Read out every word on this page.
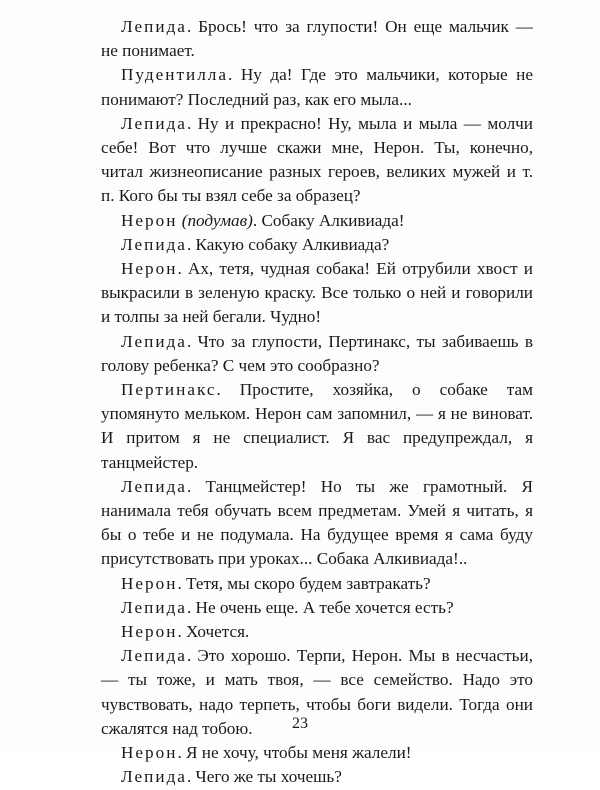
Лепида. Брось! что за глупости! Он еще мальчик — не понимает.

Пудентилла. Ну да! Где это мальчики, которые не понимают? Последний раз, как его мыла...

Лепида. Ну и прекрасно! Ну, мыла и мыла — молчи себе! Вот что лучше скажи мне, Нерон. Ты, конечно, читал жизнеописание разных героев, великих мужей и т. п. Кого бы ты взял себе за образец?

Нерон (подумав). Собаку Алкивиада!

Лепида. Какую собаку Алкивиада?

Нерон. Ах, тетя, чудная собака! Ей отрубили хвост и выкрасили в зеленую краску. Все только о ней и говорили и толпы за ней бегали. Чудно!

Лепида. Что за глупости, Пертинакс, ты забиваешь в голову ребенка? С чем это сообразно?

Пертинакс. Простите, хозяйка, о собаке там упомянуто мельком. Нерон сам запомнил, — я не виноват. И притом я не специалист. Я вас предупреждал, я танцмейстер.

Лепида. Танцмейстер! Но ты же грамотный. Я нанимала тебя обучать всем предметам. Умей я читать, я бы о тебе и не подумала. На будущее время я сама буду присутствовать при уроках... Собака Алкивиада!..

Нерон. Тетя, мы скоро будем завтракать?

Лепида. Не очень еще. А тебе хочется есть?

Нерон. Хочется.

Лепида. Это хорошо. Терпи, Нерон. Мы в несчастьи, — ты тоже, и мать твоя, — все семейство. Надо это чувствовать, надо терпеть, чтобы боги видели. Тогда они сжалятся над тобою.

Нерон. Я не хочу, чтобы меня жалели!

Лепида. Чего же ты хочешь?

23
